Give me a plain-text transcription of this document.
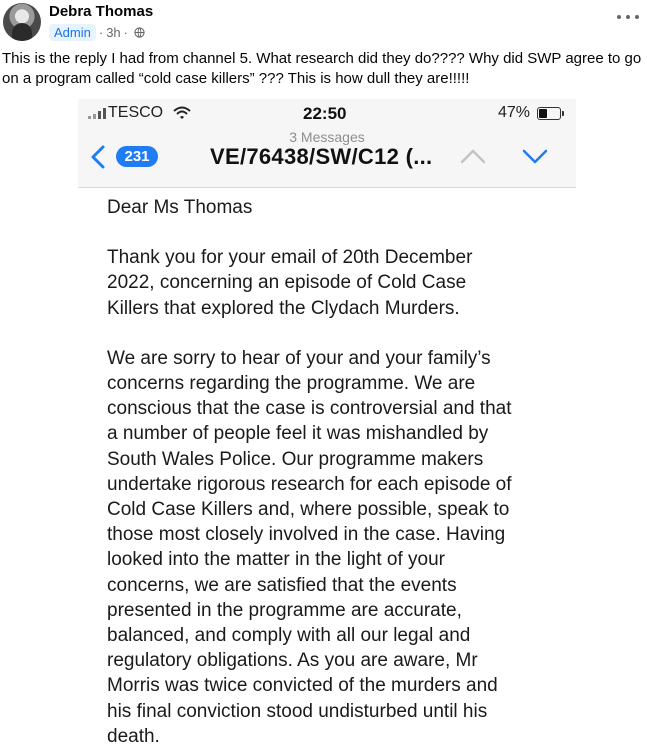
Debra Thomas
Admin · 3h ·
This is the reply I had from channel 5. What research did they do???? Why did SWP agree to go on a program called “cold case killers” ??? This is how dull they are!!!!!
TESCO	22:50	47%
3 Messages
231	VE/76438/SW/C12 (...

Dear Ms Thomas

Thank you for your email of 20th December
2022, concerning an episode of Cold Case
Killers that explored the Clydach Murders.

We are sorry to hear of your and your family’s
concerns regarding the programme. We are
conscious that the case is controversial and that
a number of people feel it was mishandled by
South Wales Police. Our programme makers
undertake rigorous research for each episode of
Cold Case Killers and, where possible, speak to
those most closely involved in the case. Having
looked into the matter in the light of your
concerns, we are satisfied that the events
presented in the programme are accurate,
balanced, and comply with all our legal and
regulatory obligations. As you are aware, Mr
Morris was twice convicted of the murders and
his final conviction stood undisturbed until his
death.
